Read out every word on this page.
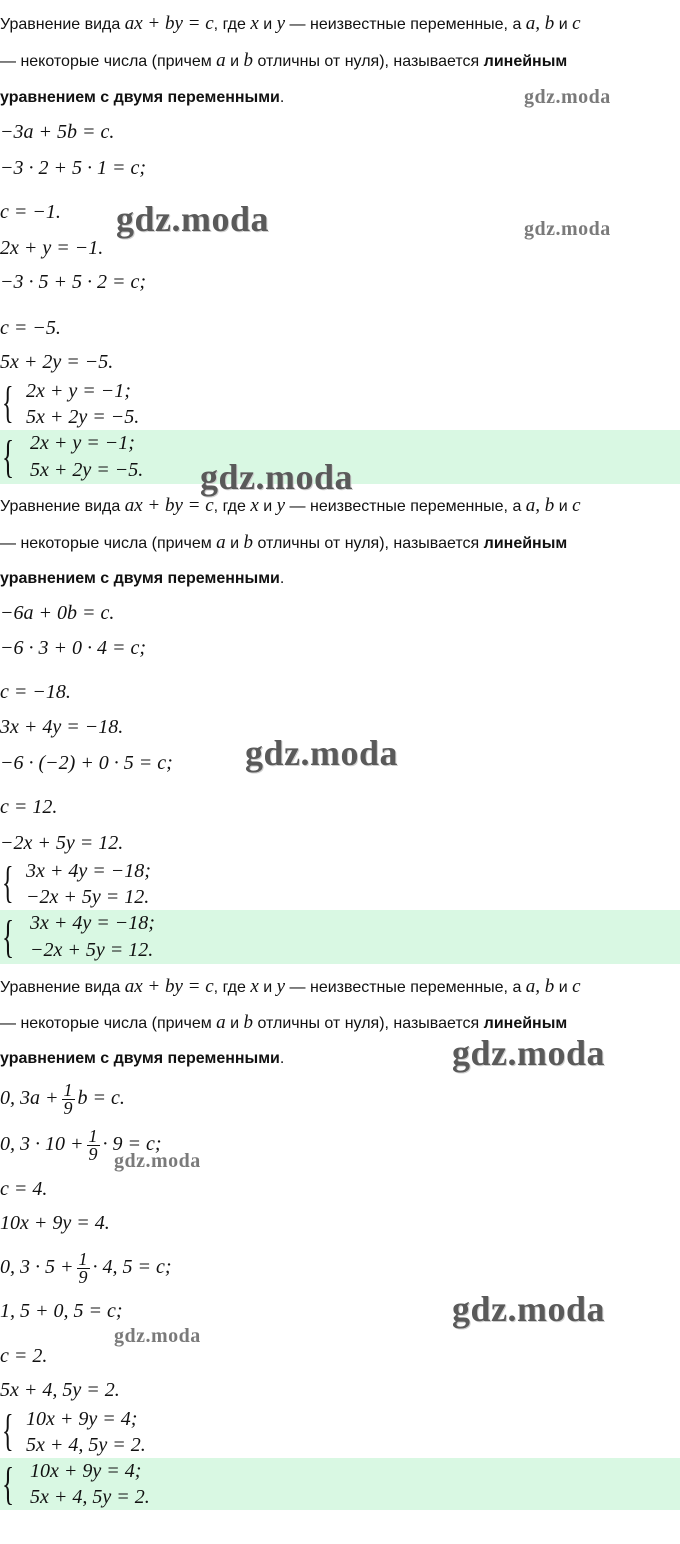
Уравнение вида ax + by = c, где x и y — неизвестные переменные, а a, b и c
— некоторые числа (причем a и b отличны от нуля), называется линейным
уравнением с двумя переменными.
−3a + 5b = c.
−3 · 2 + 5 · 1 = c;
c = −1.
2x + y = −1.
−3 · 5 + 5 · 2 = c;
c = −5.
5x + 2y = −5.
{ 2x + y = −1;
5x + 2y = −5.
{ 2x + y = −1;
5x + 2y = −5.
Уравнение вида ax + by = c, где x и y — неизвестные переменные, а a, b и c
— некоторые числа (причем a и b отличны от нуля), называется линейным
уравнением с двумя переменными.
−6a + 0b = c.
−6 · 3 + 0 · 4 = c;
c = −18.
3x + 4y = −18.
−6 · (−2) + 0 · 5 = c;
c = 12.
−2x + 5y = 12.
{ 3x + 4y = −18;
−2x + 5y = 12.
{ 3x + 4y = −18;
−2x + 5y = 12.
Уравнение вида ax + by = c, где x и y — неизвестные переменные, а a, b и c
— некоторые числа (причем a и b отличны от нуля), называется линейным
уравнением с двумя переменными.
0, $3a + \frac{1}{9}$ b = c.
0, $3 \cdot 10 + \frac{1}{9} \cdot 9 = c$;
c = 4.
10x + 9y = 4.
0, $3 \cdot 5 + \frac{1}{9} \cdot 4$, 5 = c;
1, 5 + 0, 5 = c;
c = 2.
5x + 4, 5y = 2.
{ 10x + 9y = 4;
5x + 4, 5y = 2.
{ 10x + 9y = 4;
5x + 4, 5y = 2.
gdz.moda
gdz.moda	gdz.moda
gdz.moda
gdz.moda
gdz.moda
gdz.moda
gdz.moda
gdz.moda
